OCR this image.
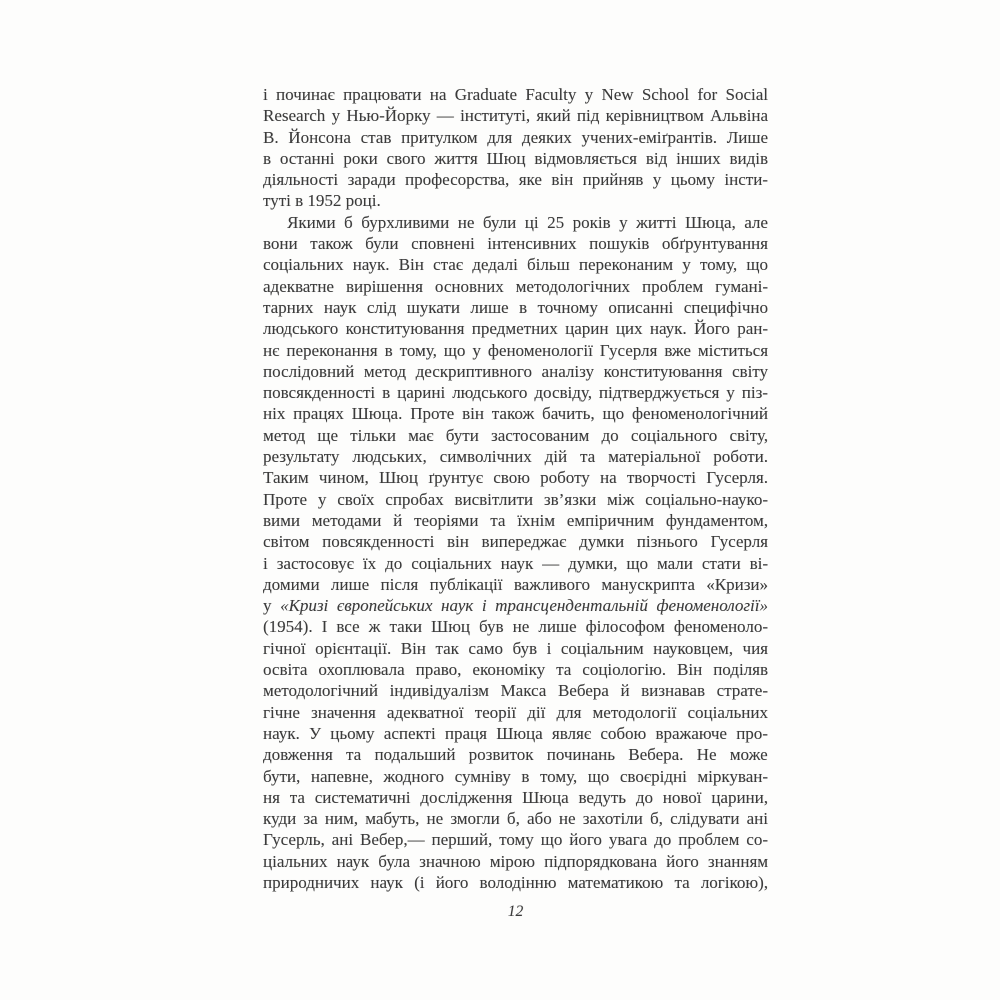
і починає працювати на Graduate Faculty у New School for Social
Research у Нью-Йорку — інституті, який під керівництвом Альвіна
В. Йонсона став притулком для деяких учених-еміґрантів. Лише
в останні роки свого життя Шюц відмовляється від інших видів
діяльності заради професорства, яке він прийняв у цьому інсти-
туті в 1952 році.
Якими б бурхливими не були ці 25 років у житті Шюца, але
вони також були сповнені інтенсивних пошуків обґрунтування
соціальних наук. Він стає дедалі більш переконаним у тому, що
адекватне вирішення основних методологічних проблем гумані-
тарних наук слід шукати лише в точному описанні специфічно
людського конституювання предметних царин цих наук. Його ран-
нє переконання в тому, що у феноменології Гусерля вже міститься
послідовний метод дескриптивного аналізу конституювання світу
повсякденності в царині людського досвіду, підтверджується у піз-
ніх працях Шюца. Проте він також бачить, що феноменологічний
метод ще тільки має бути застосованим до соціального світу,
результату людських, символічних дій та матеріальної роботи.
Таким чином, Шюц ґрунтує свою роботу на творчості Гусерля.
Проте у своїх спробах висвітлити зв’язки між соціально-науко-
вими методами й теоріями та їхнім емпіричним фундаментом,
світом повсякденності він випереджає думки пізнього Гусерля
і застосовує їх до соціальних наук — думки, що мали стати ві-
домими лише після публікації важливого манускрипта «Кризи»
у «Кризі європейських наук і трансцендентальній феноменології»
(1954). І все ж таки Шюц був не лише філософом феноменоло-
гічної орієнтації. Він так само був і соціальним науковцем, чия
освіта охоплювала право, економіку та соціологію. Він поділяв
методологічний індивідуалізм Макса Вебера й визнавав страте-
гічне значення адекватної теорії дії для методології соціальних
наук. У цьому аспекті праця Шюца являє собою вражаюче про-
довження та подальший розвиток починань Вебера. Не може
бути, напевне, жодного сумніву в тому, що своєрідні міркуван-
ня та систематичні дослідження Шюца ведуть до нової царини,
куди за ним, мабуть, не змогли б, або не захотіли б, слідувати ані
Гусерль, ані Вебер,— перший, тому що його увага до проблем со-
ціальних наук була значною мірою підпорядкована його знанням
природничих наук (і його володінню математикою та логікою),
12
